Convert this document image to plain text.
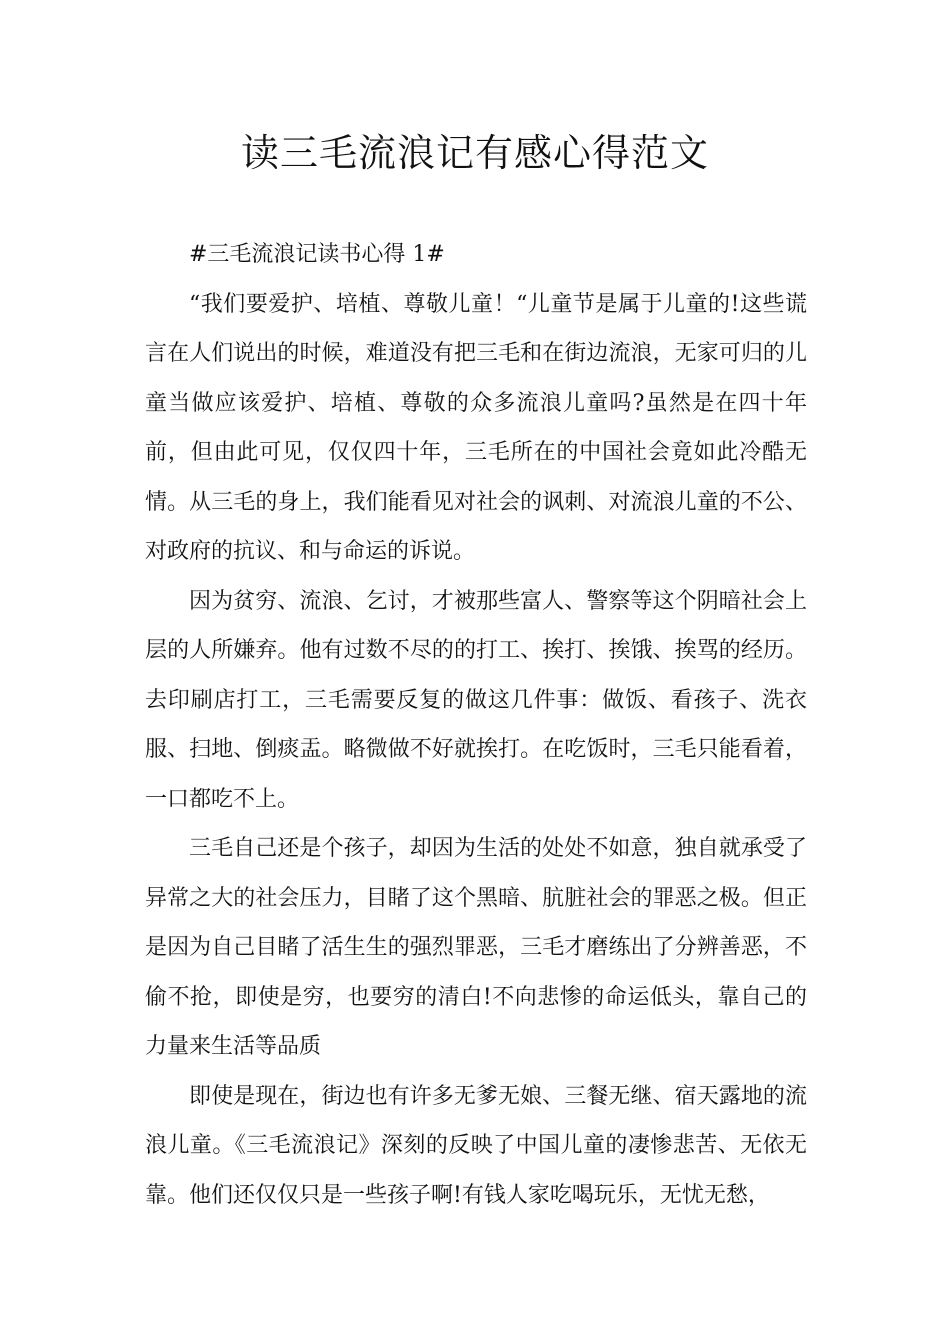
读三毛流浪记有感心得范文

#三毛流浪记读书心得 1#

“我们要爱护、培植、尊敬儿童！“儿童节是属于儿童的!这些谎言在人们说出的时候，难道没有把三毛和在街边流浪，无家可归的儿童当做应该爱护、培植、尊敬的众多流浪儿童吗?虽然是在四十年前，但由此可见，仅仅四十年，三毛所在的中国社会竟如此冷酷无情。从三毛的身上，我们能看见对社会的讽刺、对流浪儿童的不公、对政府的抗议、和与命运的诉说。

因为贫穷、流浪、乞讨，才被那些富人、警察等这个阴暗社会上层的人所嫌弃。他有过数不尽的的打工、挨打、挨饿、挨骂的经历。去印刷店打工，三毛需要反复的做这几件事：做饭、看孩子、洗衣服、扫地、倒痰盂。略微做不好就挨打。在吃饭时，三毛只能看着，一口都吃不上。

三毛自己还是个孩子，却因为生活的处处不如意，独自就承受了异常之大的社会压力，目睹了这个黑暗、肮脏社会的罪恶之极。但正是因为自己目睹了活生生的强烈罪恶，三毛才磨练出了分辨善恶，不偷不抢，即使是穷，也要穷的清白!不向悲惨的命运低头，靠自己的力量来生活等品质

即使是现在，街边也有许多无爹无娘、三餐无继、宿天露地的流浪儿童。《三毛流浪记》深刻的反映了中国儿童的凄惨悲苦、无依无靠。他们还仅仅只是一些孩子啊!有钱人家吃喝玩乐，无忧无愁，
